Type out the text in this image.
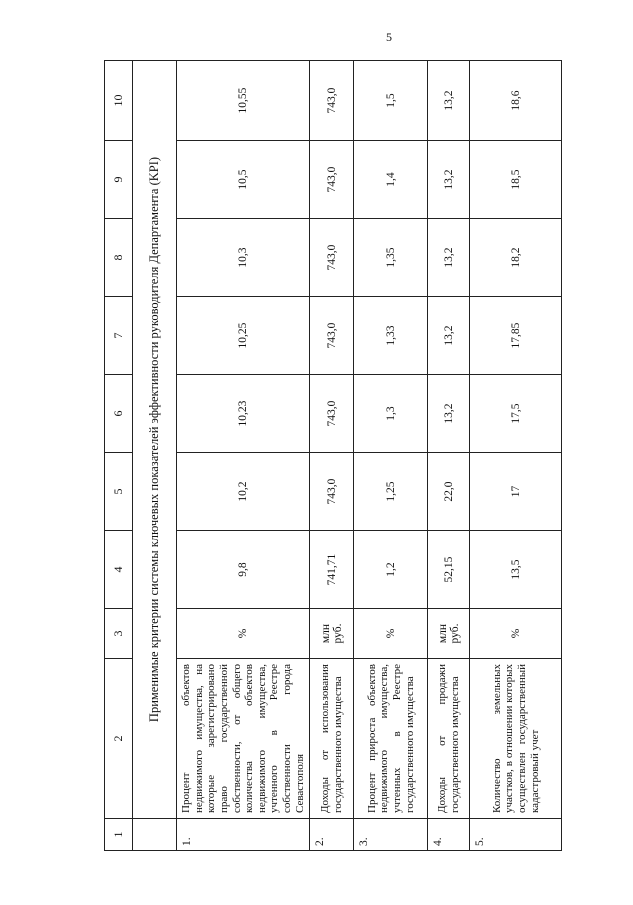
5
1	2	3	4	5	6	7	8	9	10
	Применимые критерии системы ключевых показателей эффективности руководителя Департамента (KPI)								
1.	Процент объектов недвижимого имущества, на которые зарегистрировано право государственной собственности, от общего количества объектов недвижимого имущества, учтенного в Реестре собственности города Севастополя	%	9,8	10,2	10,23	10,25	10,3	10,5	10,55
2.	Доходы от использования государственного имущества	млн руб.	741,71	743,0	743,0	743,0	743,0	743,0	743,0
3.	Процент прироста объектов недвижимого имущества, учтенных в Реестре государственного имущества	%	1,2	1,25	1,3	1,33	1,35	1,4	1,5
4.	Доходы от продажи государственного имущества	млн руб.	52,15	22,0	13,2	13,2	13,2	13,2	13,2
5.	Количество земельных участков, в отношении которых осуществлен государственный кадастровый учет	%	13,5	17	17,5	17,85	18,2	18,5	18,6
